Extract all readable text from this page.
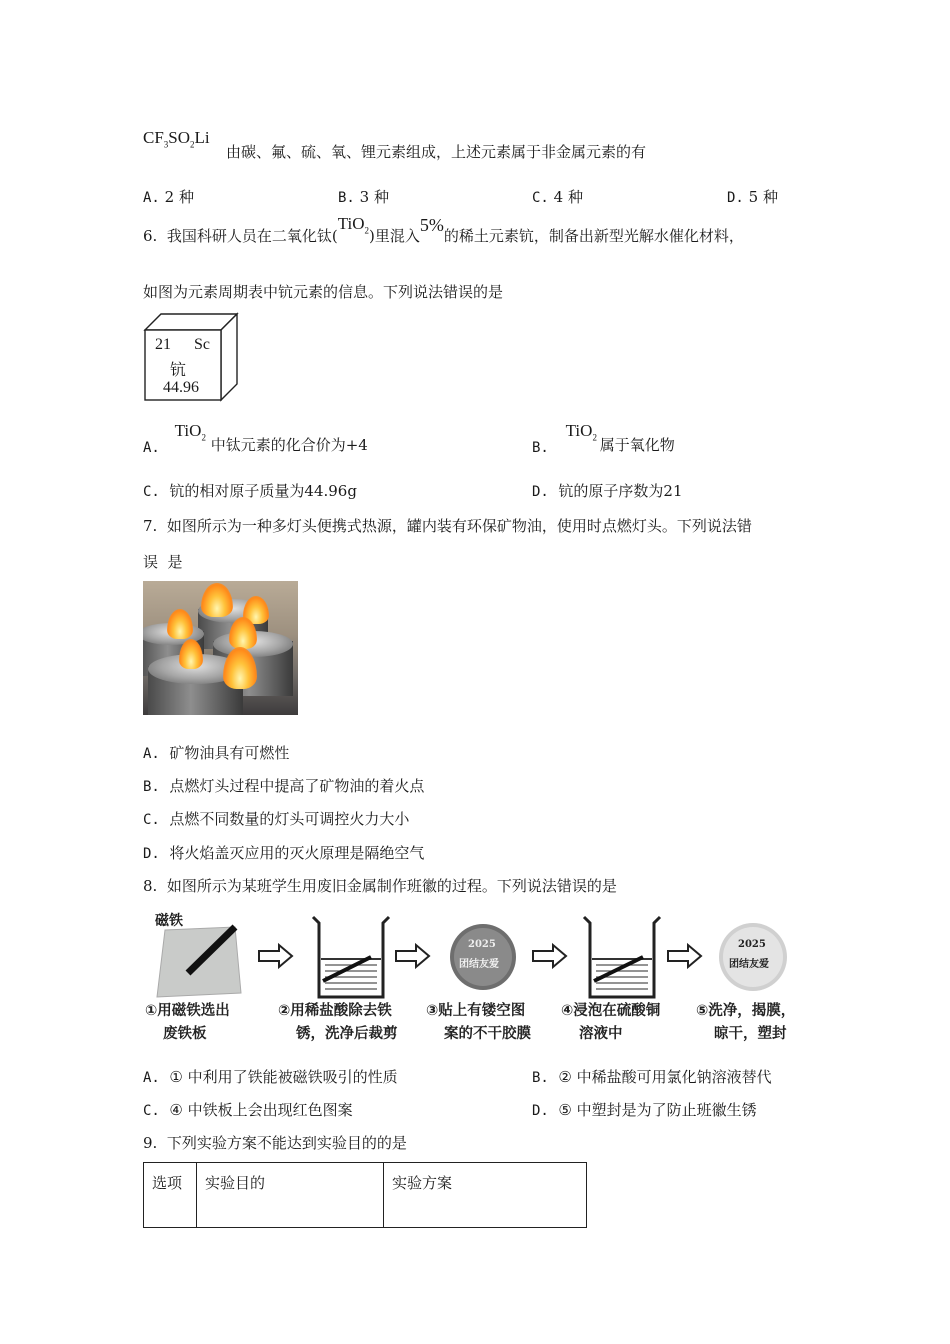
$CF_3SO_2Li$
由碳、氟、硫、氧、锂元素组成，上述元素属于非金属元素的有
A. 2 种	B. 3 种	C. 4 种	D. 5 种
6. 我国科研人员在二氧化钛(TiO$_2$)里混入5%的稀土元素钪，制备出新型光解水催化材料，
如图为元素周期表中钪元素的信息。下列说法错误的是
21 Sc
钪
44.96
A. TiO$_2$ 中钛元素的化合价为+4	B. TiO$_2$ 属于氧化物
C. 钪的相对原子质量为44.96g	D. 钪的原子序数为21
7. 如图所示为一种多灯头便携式热源，罐内装有环保矿物油，使用时点燃灯头。下列说法错
误  是
A. 矿物油具有可燃性
B. 点燃灯头过程中提高了矿物油的着火点
C. 点燃不同数量的灯头可调控火力大小
D. 将火焰盖灭应用的灭火原理是隔绝空气
8. 如图所示为某班学生用废旧金属制作班徽的过程。下列说法错误的是
磁铁
2025
团结友爱
2025
团结友爱
①用磁铁选出
废铁板
②用稀盐酸除去铁
锈，洗净后裁剪
③贴上有镂空图
案的不干胶膜
④浸泡在硫酸铜
溶液中
⑤洗净，揭膜，
晾干，塑封
A. ① 中利用了铁能被磁铁吸引的性质	B. ② 中稀盐酸可用氯化钠溶液替代
C. ④ 中铁板上会出现红色图案	D. ⑤ 中塑封是为了防止班徽生锈
9. 下列实验方案不能达到实验目的的是
选项	实验目的	实验方案
